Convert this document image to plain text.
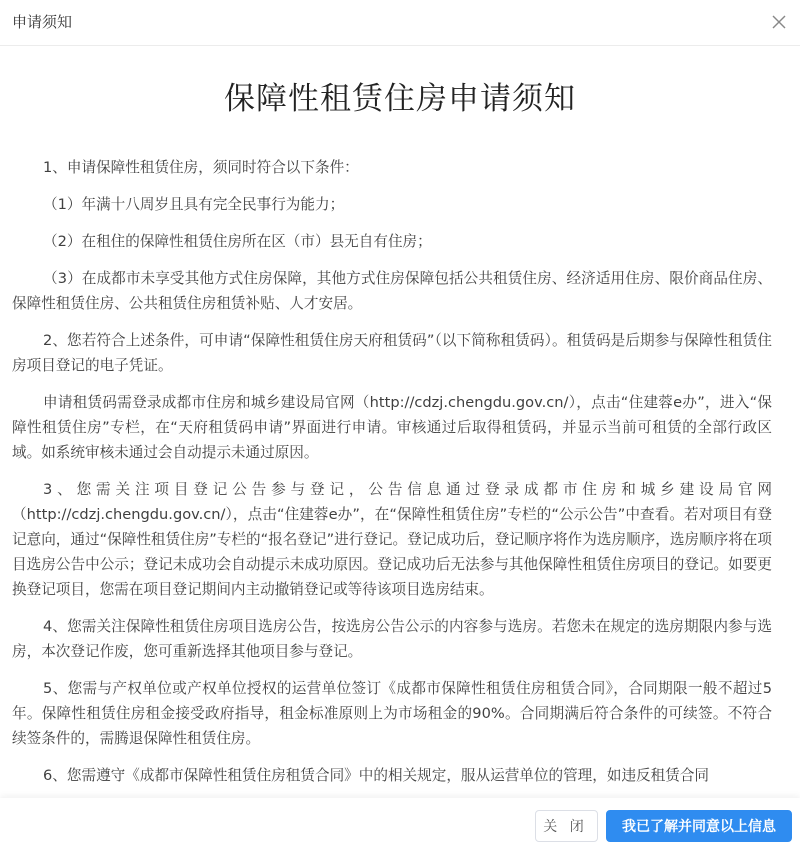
申请须知
保障性租赁住房申请须知

1、申请保障性租赁住房，须同时符合以下条件：

（1）年满十八周岁且具有完全民事行为能力；

（2）在租住的保障性租赁住房所在区（市）县无自有住房；

（3）在成都市未享受其他方式住房保障，其他方式住房保障包括公共租赁住房、经济适用住房、限价商品住房、保障性租赁住房、公共租赁住房租赁补贴、人才安居。

2、您若符合上述条件，可申请“保障性租赁住房天府租赁码”（以下简称租赁码）。租赁码是后期参与保障性租赁住房项目登记的电子凭证。

申请租赁码需登录成都市住房和城乡建设局官网（http://cdzj.chengdu.gov.cn/），点击“住建蓉e办”，进入“保障性租赁住房”专栏，在“天府租赁码申请”界面进行申请。审核通过后取得租赁码，并显示当前可租赁的全部行政区域。如系统审核未通过会自动提示未通过原因。

3、您需关注项目登记公告参与登记，公告信息通过登录成都市住房和城乡建设局官网（http://cdzj.chengdu.gov.cn/），点击“住建蓉e办”，在“保障性租赁住房”专栏的“公示公告”中查看。若对项目有登记意向，通过“保障性租赁住房”专栏的“报名登记”进行登记。登记成功后，登记顺序将作为选房顺序，选房顺序将在项目选房公告中公示；登记未成功会自动提示未成功原因。登记成功后无法参与其他保障性租赁住房项目的登记。如要更换登记项目，您需在项目登记期间内主动撤销登记或等待该项目选房结束。

4、您需关注保障性租赁住房项目选房公告，按选房公告公示的内容参与选房。若您未在规定的选房期限内参与选房，本次登记作废，您可重新选择其他项目参与登记。

5、您需与产权单位或产权单位授权的运营单位签订《成都市保障性租赁住房租赁合同》，合同期限一般不超过5年。保障性租赁住房租金接受政府指导，租金标准原则上为市场租金的90%。合同期满后符合条件的可续签。不符合续签条件的，需腾退保障性租赁住房。

6、您需遵守《成都市保障性租赁住房租赁合同》中的相关规定，服从运营单位的管理，如违反租赁合同

关 闭	我已了解并同意以上信息
